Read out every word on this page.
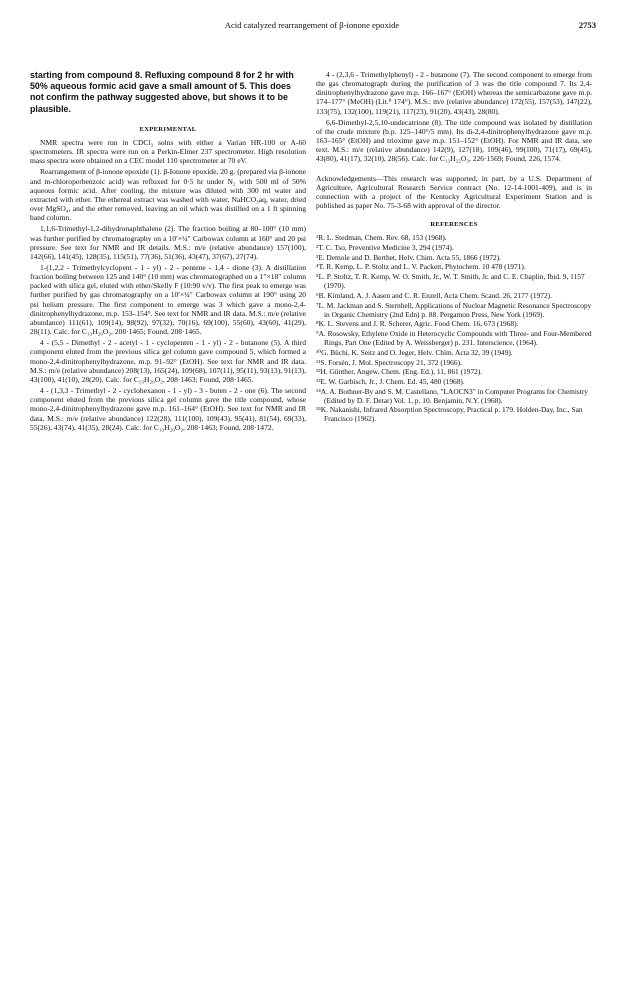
Acid catalyzed rearrangement of β-ionone epoxide	2753
starting from compound 8. Refluxing compound 8 for 2 hr with 50% aqueous formic acid gave a small amount of 5. This does not confirm the pathway suggested above, but shows it to be plausible.
EXPERIMENTAL

NMR spectra were run in CDCl₃ solns with either a Varian HR-100 or A-60 spectrometers. IR spectra were run on a Perkin-Elmer 237 spectrometer. High resolution mass spectra were obtained on a CEC model 110 spectrometer at 70 eV.

Rearrangement of β-ionone epoxide (1). β-Ionone epoxide, 20 g. (prepared via β-ionone and m-chloroperbenzoic acid) was refluxed for 0·5 hr under N₂ with 500 ml of 50% aqueous formic acid. After cooling, the mixture was diluted with 300 ml water and extracted with ether. The ethereal extract was washed with water, NaHCO₃aq, water, dried over MgSO₄, and the ether removed, leaving an oil which was distilled on a 1 ft spinning band column.

1,1,6-Trimethyl-1,2-dihydronaphthalene (2). The fraction boiling at 80–100° (10 mm) was further purified by chromatography on a 10′×¼″ Carbowax column at 160° and 20 psi pressure. See text for NMR and IR details. M.S.: m/e (relative abundance) 157(100), 142(66), 141(45), 128(35), 115(51), 77(36), 51(36), 43(47), 37(67), 27(74).

1-(1,2,2 - Trimethylcyclopent - 1 - yl) - 2 - pentene - 1,4 - dione (3). A distillation fraction boiling between 125 and 140° (10 mm) was chromatographed on a 1″×18″ column packed with silica gel, eluted with ether/Skelly F (10:90 v/v). The first peak to emerge was further purified by gas chromatography on a 10′×¼″ Carbowax column at 190° using 20 psi helium pressure. The first component to emerge was 3 which gave a mono-2,4-dinitrophenylhydrazone, m.p. 153–154°. See text for NMR and IR data. M.S.: m/e (relative abundance) 111(61), 109(14), 98(92), 97(32), 70(16), 69(100), 55(60), 43(60), 41(29), 28(11). Calc. for C₁₃H₂₀O₂, 208·1465; Found, 208·1465.

4 - (5,5 - Dimethyl - 2 - acetyl - 1 - cyclopenten - 1 - yl) - 2 - butanone (5). A third component eluted from the previous silica gel column gave compound 5, which formed a mono-2,4-dinitrophenylhydrazone, m.p. 91–92° (EtOH). See text for NMR and IR data. M.S.: m/e (relative abundance) 208(13), 165(24), 109(68), 107(11), 95(11), 93(13), 91(13), 43(100), 41(10), 28(20). Calc. for C₁₃H₂₀O₂, 208·1463; Found, 208·1465.

4 - (1,3,3 - Trimethyl - 2 - cyclohexanon - 1 - yl) - 3 - buten - 2 - one (6). The second component eluted from the previous silica gel column gave the title compound, whose mono-2,4-dinitrophenylhydrazone gave m.p. 161–164° (EtOH). See text for NMR and IR data. M.S.: m/e (relative abundance) 122(28), 111(100), 109(43), 95(41), 81(54), 69(33), 55(26), 43(74), 41(35), 28(24). Calc. for C₁₃H₂₀O₂, 208·1463; Found, 208·1472.

4 - (2,3,6 - Trimethylphenyl) - 2 - butanone (7). The second component to emerge from the gas chromatograph during the purification of 3 was the title compound 7. Its 2,4-dinitrophenylhydrazone gave m.p. 166–167° (EtOH) whereas the semicarbazone gave m.p. 174–177° (MeOH) (Lit.⁹ 174°). M.S.: m/e (relative abundance) 172(55), 157(53), 147(22), 133(75), 132(100), 119(21), 117(23), 91(20), 43(43), 28(80).

6,6-Dimethyl-2,5,10-undecatrione (8). The title compound was isolated by distillation of the crude mixture (b.p. 125–140°/5 mm). Its di-2,4-dinitrophenylhydrazone gave m.p. 163–165° (EtOH) and trioxime gave m.p. 151–152° (EtOH). For NMR and IR data, see text. M.S.: m/e (relative abundance) 142(9), 127(18), 109(46), 99(100), 71(17), 69(45), 43(80), 41(17), 32(10), 28(56). Calc. for C₁₃H₂₂O₃, 226·1569; Found, 226, 1574.

Acknowledgements—This research was supported, in part, by a U.S. Department of Agriculture, Agricultural Research Service contract (No. 12-14-1001-409), and is in connection with a project of the Kentucky Agricultural Experiment Station and is published as paper No. 75-3-68 with approval of the director.

REFERENCES
¹R. L. Stedman, Chem. Rev. 68, 153 (1968).
²T. C. Tso, Preventive Medicine 3, 294 (1974).
³E. Demole and D. Berthet, Helv. Chim. Acta 55, 1866 (1972).
⁴T. R. Kemp, L. P. Stoltz and L. V. Packett, Phytochem. 10 478 (1971).
⁵L. P. Stoltz, T. R. Kemp, W. O. Smith, Jr., W. T. Smith, Jr. and C. E. Chaplin, Ibid. 9, 1157 (1970).
⁶B. Kimland, A. J. Aasen and C. R. Enzell, Acta Chem. Scand. 26, 2177 (1972).
⁷L. M. Jackman and S. Sternhell, Applications of Nuclear Magnetic Resonance Spectroscopy in Organic Chemistry (2nd Edn) p. 88. Pergamon Press, New York (1969).
⁸K. L. Stevens and J. R. Scherer, Agric. Food Chem. 16, 673 (1968).
⁹A. Rosowsky, Ethylene Oxide in Heterocyclic Compounds with Three- and Four-Membered Rings, Part One (Edited by A. Weissberger) p. 231. Interscience, (1964).
¹⁰G. Büchi, K. Seitz and O. Jeger, Helv. Chim. Acta 32, 39 (1949).
¹¹S. Forsén, J. Mol. Spectroscopy 21, 372 (1966).
¹²H. Günther, Angew. Chem. (Eng. Ed.), 11, 861 (1972).
¹³E. W. Garbisch, Jr., J. Chem. Ed. 45, 480 (1968).
¹⁴A. A. Bothner-By and S. M. Castellano, "LAOCN3" in Computer Programs for Chemistry (Edited by D. F. Detar) Vol. 1, p. 10. Benjamin, N.Y. (1968).
¹⁵K. Nakanishi, Infrared Absorption Spectroscopy, Practical p. 179. Holden-Day, Inc., San Francisco (1962).
